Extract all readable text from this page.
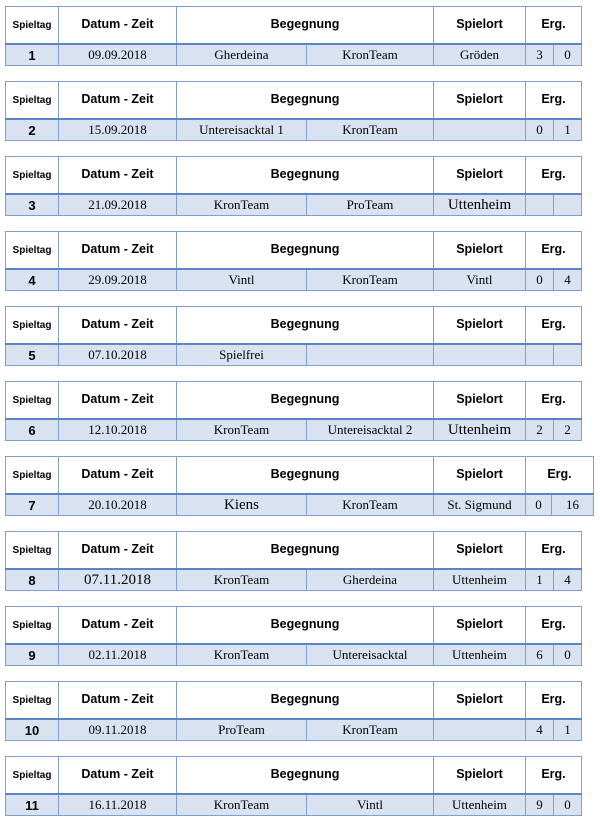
Spieltag	Datum - Zeit	Begegnung		Spielort	Erg.	
1	09.09.2018	Gherdeina	KronTeam	Gröden	3	0
Spieltag	Datum - Zeit	Begegnung		Spielort	Erg.	
2	15.09.2018	Untereisacktal 1	KronTeam		0	1
Spieltag	Datum - Zeit	Begegnung		Spielort	Erg.	
3	21.09.2018	KronTeam	ProTeam	Uttenheim		
Spieltag	Datum - Zeit	Begegnung		Spielort	Erg.	
4	29.09.2018	Vintl	KronTeam	Vintl	0	4
Spieltag	Datum - Zeit	Begegnung		Spielort	Erg.	
5	07.10.2018	Spielfrei				
Spieltag	Datum - Zeit	Begegnung		Spielort	Erg.	
6	12.10.2018	KronTeam	Untereisacktal 2	Uttenheim	2	2
Spieltag	Datum - Zeit	Begegnung		Spielort	Erg.	
7	20.10.2018	Kiens	KronTeam	St. Sigmund	0	16
Spieltag	Datum - Zeit	Begegnung		Spielort	Erg.	
8	07.11.2018	KronTeam	Gherdeina	Uttenheim	1	4
Spieltag	Datum - Zeit	Begegnung		Spielort	Erg.	
9	02.11.2018	KronTeam	Untereisacktal	Uttenheim	6	0
Spieltag	Datum - Zeit	Begegnung		Spielort	Erg.	
10	09.11.2018	ProTeam	KronTeam		4	1
Spieltag	Datum - Zeit	Begegnung		Spielort	Erg.	
11	16.11.2018	KronTeam	Vintl	Uttenheim	9	0
